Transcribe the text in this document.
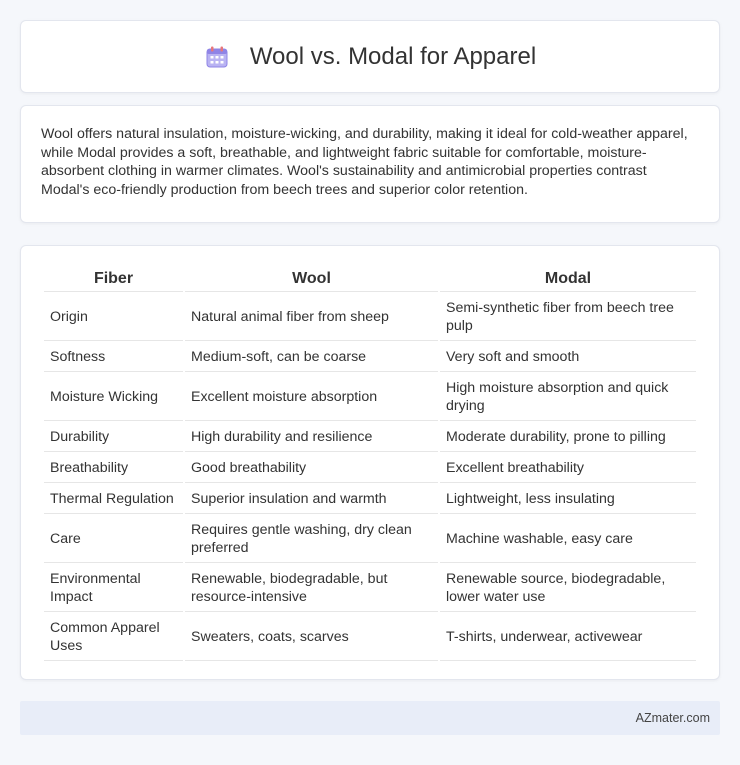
Wool vs. Modal for Apparel

Wool offers natural insulation, moisture-wicking, and durability, making it ideal for cold-weather apparel, while Modal provides a soft, breathable, and lightweight fabric suitable for comfortable, moisture-absorbent clothing in warmer climates. Wool's sustainability and antimicrobial properties contrast Modal's eco-friendly production from beech trees and superior color retention.

Fiber	Wool	Modal
Origin	Natural animal fiber from sheep	Semi-synthetic fiber from beech tree pulp
Softness	Medium-soft, can be coarse	Very soft and smooth
Moisture Wicking	Excellent moisture absorption	High moisture absorption and quick drying
Durability	High durability and resilience	Moderate durability, prone to pilling
Breathability	Good breathability	Excellent breathability
Thermal Regulation	Superior insulation and warmth	Lightweight, less insulating
Care	Requires gentle washing, dry clean preferred	Machine washable, easy care
Environmental Impact	Renewable, biodegradable, but resource-intensive	Renewable source, biodegradable, lower water use
Common Apparel Uses	Sweaters, coats, scarves	T-shirts, underwear, activewear
AZmater.com
